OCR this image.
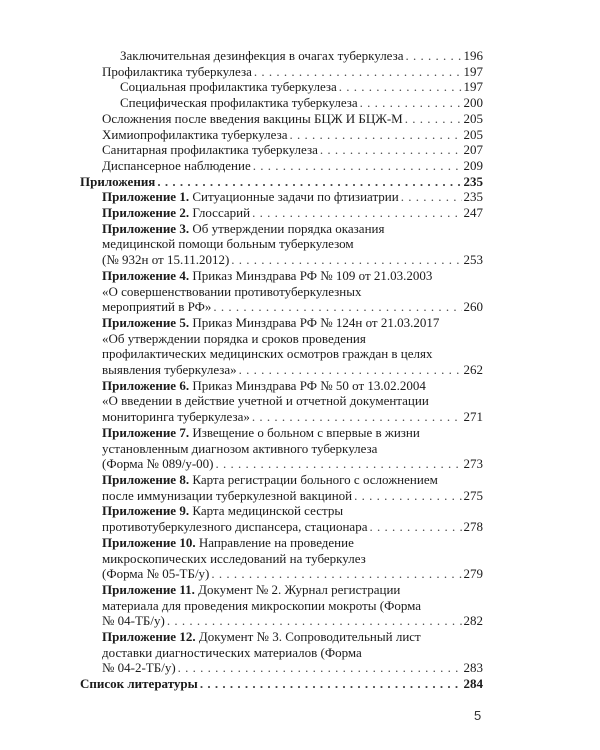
Заключительная дезинфекция в очагах туберкулеза . . .	196
Профилактика туберкулеза . . .	197
Социальная профилактика туберкулеза . . .	197
Специфическая профилактика туберкулеза . . .	200
Осложнения после введения вакцины БЦЖ И БЦЖ-М . . .	205
Химиопрофилактика туберкулеза . . .	205
Санитарная профилактика туберкулеза . . .	207
Диспансерное наблюдение . . .	209
Приложения . . .	235
Приложение 1. Ситуационные задачи по фтизиатрии . . .	235
Приложение 2. Глоссарий . . .	247
Приложение 3. Об утверждении порядка оказания
медицинской помощи больным туберкулезом
(№ 932н от 15.11.2012) . . .	253
Приложение 4. Приказ Минздрава РФ № 109 от 21.03.2003
«О совершенствовании противотуберкулезных
мероприятий в РФ» . . .	260
Приложение 5. Приказ Минздрава РФ № 124н от 21.03.2017
«Об утверждении порядка и сроков проведения
профилактических медицинских осмотров граждан в целях
выявления туберкулеза» . . .	262
Приложение 6. Приказ Минздрава РФ № 50 от 13.02.2004
«О введении в действие учетной и отчетной документации
мониторинга туберкулеза» . . .	271
Приложение 7. Извещение о больном с впервые в жизни
установленным диагнозом активного туберкулеза
(Форма № 089/у-00) . . .	273
Приложение 8. Карта регистрации больного с осложнением
после иммунизации туберкулезной вакциной . . .	275
Приложение 9. Карта медицинской сестры
противотуберкулезного диспансера, стационара . . .	278
Приложение 10. Направление на проведение
микроскопических исследований на туберкулез
(Форма № 05-ТБ/у) . . .	279
Приложение 11. Документ № 2. Журнал регистрации
материала для проведения микроскопии мокроты (Форма
№ 04-ТБ/у) . . .	282
Приложение 12. Документ № 3. Сопроводительный лист
доставки диагностических материалов (Форма
№ 04-2-ТБ/у) . . .	283
Список литературы . . .	284
5
